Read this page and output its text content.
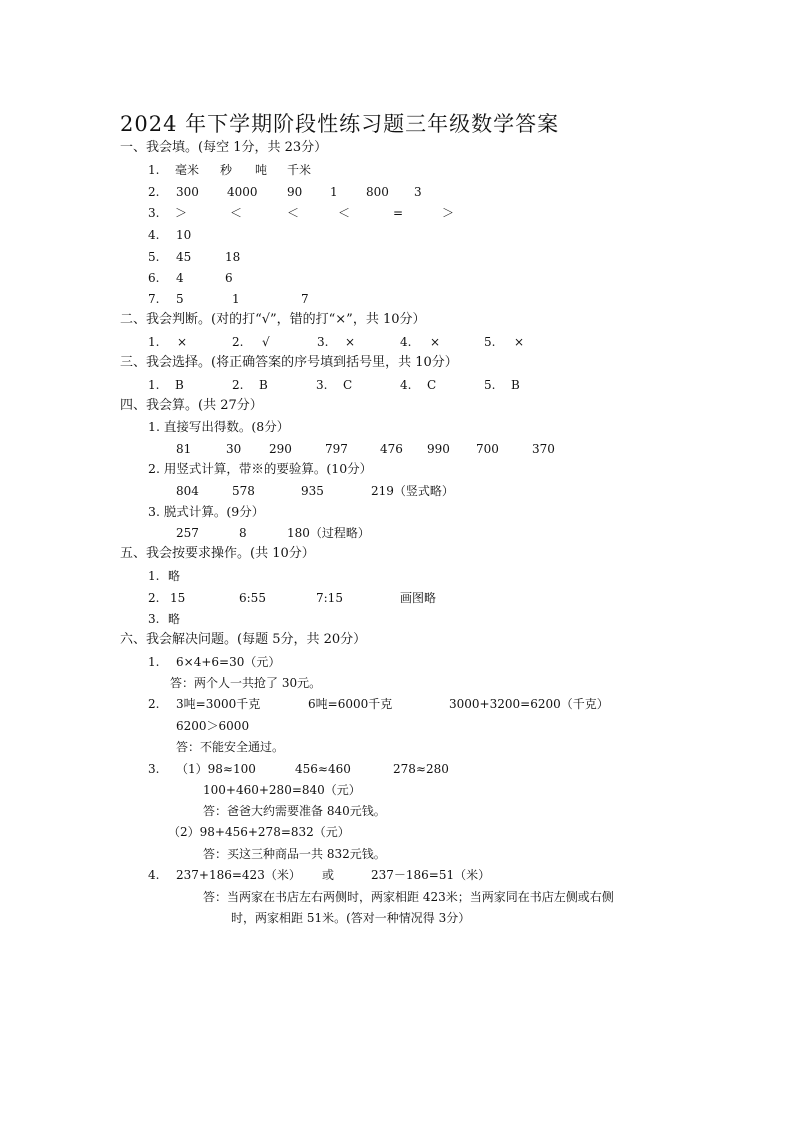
2024 年下学期阶段性练习题三年级数学答案
一、我会填。(每空 1分，共 23分）
1. 毫米 秒 吨 千米
2. 300 4000 90 1 800 3
3. ＞	＜	＜	＜	=	＞
4. 10
5. 45	18
6. 4	6
7. 5	1	7
二、我会判断。(对的打“√”，错的打“×”，共 10分）
1. ×	2. √	3. ×	4. ×	5. ×
三、我会选择。(将正确答案的序号填到括号里，共 10分）
1. B	2. B	3. C	4. C	5. B
四、我会算。(共 27分）
1. 直接写出得数。(8分）
81	30 290	797	476 990 700	370
2. 用竖式计算，带※的要验算。(10分）
804	578	935	219（竖式略）
3. 脱式计算。(9分）
257	8	180（过程略）
五、我会按要求操作。(共 10分）
1. 略
2. 15	6:55	7:15	画图略
3. 略
六、我会解决问题。(每题 5分，共 20分）
1. 6×4+6=30（元）
答：两个人一共抢了 30元。
2. 3吨=3000千克	6吨=6000千克	3000+3200=6200（千克）
6200＞6000
答：不能安全通过。
3. （1）98≈100	456≈460	278≈280
100+460+280=840（元）
答：爸爸大约需要准备 840元钱。
（2）98+456+278=832（元）
答：买这三种商品一共 832元钱。
4. 237+186=423（米） 或	237－186=51（米）
答：当两家在书店左右两侧时，两家相距 423米；当两家同在书店左侧或右侧
时，两家相距 51米。(答对一种情况得 3分）
